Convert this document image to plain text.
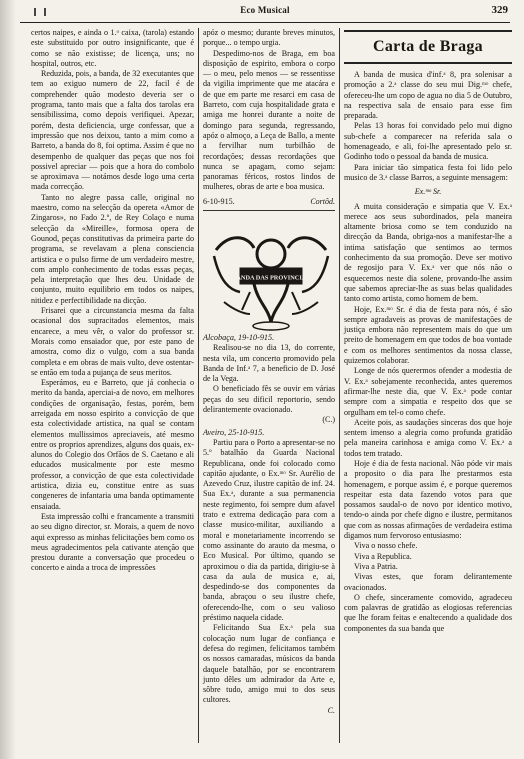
Eco Musical	329

certos naipes, e ainda o 1.ᵒ caixa, (tarola) estando este substituido por outro insignificante, que é como se não existisse; de licença, uns; no hospital, outros, etc.

Reduzida, pois, a banda, de 32 executantes que tem ao exiguo numero de 22, facil é de comprehender quão modesto deveria ser o programa, tanto mais que a falta dos tarolas era sensibilissima, como depois verifiquei. Apezar, porém, desta deficiencia, urge confessar, que a impressão que nos deixou, tanto a mim como a Barreto, a banda do 8, foi optima. Assim é que no desempenho de qualquer das peças que nos foi possivel apreciar — pois que a hora do combolo se aproximava — notámos desde logo uma certa mada correcção.

Tanto no alegre passa calle, original no maestro, como na selecção da opereta «Amor de Zingaros», no Fado 2.º, de Rey Colaço e numa selecção da «Mireille», formosa opera de Gounod, peças constitutivas da primeira parte do programa, se revelavam a plena consciencia artistica e o pulso firme de um verdadeiro mestre, com amplo conhecimento de todas essas peças, pela interpretação que lhes deu. Unidade de conjunto, muito equilibrio em todos os naipes, nitidez e perfectibilidade na dicção.

Frisarei que a circunstancia mesma da falta ocasional dos supracitados elementos, mais encarece, a meu vêr, o valor do professor sr. Morais como ensaiador que, por este pano de amostra, como diz o vulgo, com a sua banda completa e em obras de mais vulto, deve ostentar-se então em toda a pujança de seus meritos.

Esperámos, eu e Barreto, que já conhecia o merito da banda, aperciai-a de novo, em melhores condições de organisação, festas, porém, bem arreigada em nosso espirito a convicção de que esta colectividade artistica, na qual se contam elementos mullissimos apreciaveis, até mesmo entre os proprios aprendizes, alguns dos quais, ex-alunos do Colegio dos Orfãos de S. Caetano e ali educados musicalmente por este mesmo professor, a convicção de que esta colectividade artistica, dizia eu, constitue entre as suas congeneres de infantaria uma banda optimamente ensaiada.

Esta impressão colhi e francamente a transmiti ao seu digno director, sr. Morais, a quem de novo aqui expresso as minhas felicitações bem como os meus agradecimentos pela cativante atenção que prestou durante a conversação que procedeu o concerto e ainda a troca de impressões

apóz o mesmo; durante breves minutos, porque... o tempo urgia.

Despedimo-nos de Braga, em boa disposição de espirito, embora o corpo — o meu, pelo menos — se ressentisse da vigilia imprimente que me atacára e de que em parte me resarci em casa de Barreto, com cuja hospitalidade grata e amiga me honrei durante a noite de domingo para segunda, regressando, apóz o almoço, a Leça de Ballo, a mente a fervilhar num turbilhão de recordações; dessas recordações que nunca se apagam, como sejam: panoramas féricos, rostos lindos de mulheres, obras de arte e boa musica.

6-10-915.	Cortôd.
BANDA DAS PROVINCIAS
Alcobaça, 19-10-915.

Realisou-se no dia 13, do corrente, nesta vila, um concerto promovido pela Banda de Inf.ᵃ 7, a beneficio de D. José de la Vega.

O beneficiado fês se ouvir em várias peças do seu dificil reportorio, sendo delirantemente ovacionado.

(C.)
Aveiro, 25-10-915.

Partiu para o Porto a apresentar-se no 5.º batalhão da Guarda Nacional Republicana, onde foi colocado como capitão ajudante, o Ex.ᵐᵒ Sr. Aurélio de Azevedo Cruz, ilustre capitão de inf. 24. Sua Ex.ᵃ, durante a sua permanencia neste regimento, foi sempre dum afavel trato e extrema dedicação para com a classe musico-militar, auxiliando a moral e monetariamente incorrendo se como assinante do arauto da mesma, o Eco Musical. Por último, quando se aproximou o dia da partida, dirigiu-se à casa da aula de musica e, ai, despedindo-se dos componentes da banda, abraçou o seu ilustre chefe, oferecendo-lhe, com o seu valioso préstimo naquela cidade.

Felicitando Sua Ex.ᵃ pela sua colocação num lugar de confiança e defesa do regimen, felicitamos também os nossos camaradas, músicos da banda daquele batalhão, por se encontrarem junto dêles um admirador da Arte e, sôbre tudo, amigo mui to dos seus cultores.

C.
Carta de Braga

A banda de musica d'inf.ᵃ 8, pra solenisar a promoção a 2.ᵃ classe do seu mui Dig.ᵐᵒ chefe, ofereceu-lhe um copo de agua no dia 5 de Outubro, na respectiva sala de ensaio para esse fim preparada.

Pelas 13 horas foi convidado pelo mui digno sub-chefe a comparecer na referida sala o homenageado, e ali, foi-lhe apresentado pelo sr. Godinho todo o pessoal da banda de musica.

Para iniciar tão simpatica festa foi lido pelo musico de 3.ᵃ classe Barros, a seguinte mensagem:

Ex.ᵐᵒ Sr.

A muita consideração e simpatia que V. Ex.ᵃ merece aos seus subordinados, pela maneira altamente briosa como se tem conduzido na direcção da Banda, obriga-nos a manifestar-lhe a intima satisfação que sentimos ao termos conhecimento da sua promoção. Deve ser motivo de regosijo para V. Ex.ᵃ ver que nós não o esquecemos neste dia solene, provando-lhe assim que sabemos apreciar-lhe as suas belas qualidades tanto como artista, como homem de bem.

Hoje, Ex.ᵐᵒ Sr. é dia de festa para nós, é são sempre agradaveis as provas de manifestações de justiça embora não representem mais do que um preito de homenagem em que todos de boa vontade e com os melhores sentimentos da nossa classe, quizemos colaborar.

Longe de nós querermos ofender a modestia de V. Ex.ᵃ sobejamente reconhecida, antes queremos afirmar-lhe neste dia, que V. Ex.ᵃ pode contar sempre com a simpatia e respeito dos que se orgulham em tel-o como chefe.

Aceite pois, as saudações sinceras dos que hoje sentem imenso a alegria como profunda gratidão pela maneira carinhosa e amiga como V. Ex.ᵃ a todos tem tratado.

Hoje é dia de festa nacional. Não póde vir mais a proposito o dia para lhe prestarmos esta homenagem, e porque assim é, e porque queremos respeitar esta data fazendo votos para que possamos saudal-o de novo por identico motivo, tendo-o ainda por chefe digno e ilustre, permitanos que com as nossas afirmações de verdadeira estima digamos num fervoroso entusiasmo:

Viva o nosso chefe.

Viva a Republica.

Viva a Patria.

Vivas estes, que foram delirantemente ovacionados.

O chefe, sinceramente comovido, agradeceu com palavras de gratidão as elogiosas referencias que lhe foram feitas e enaltecendo a qualidade dos componentes da sua banda que
